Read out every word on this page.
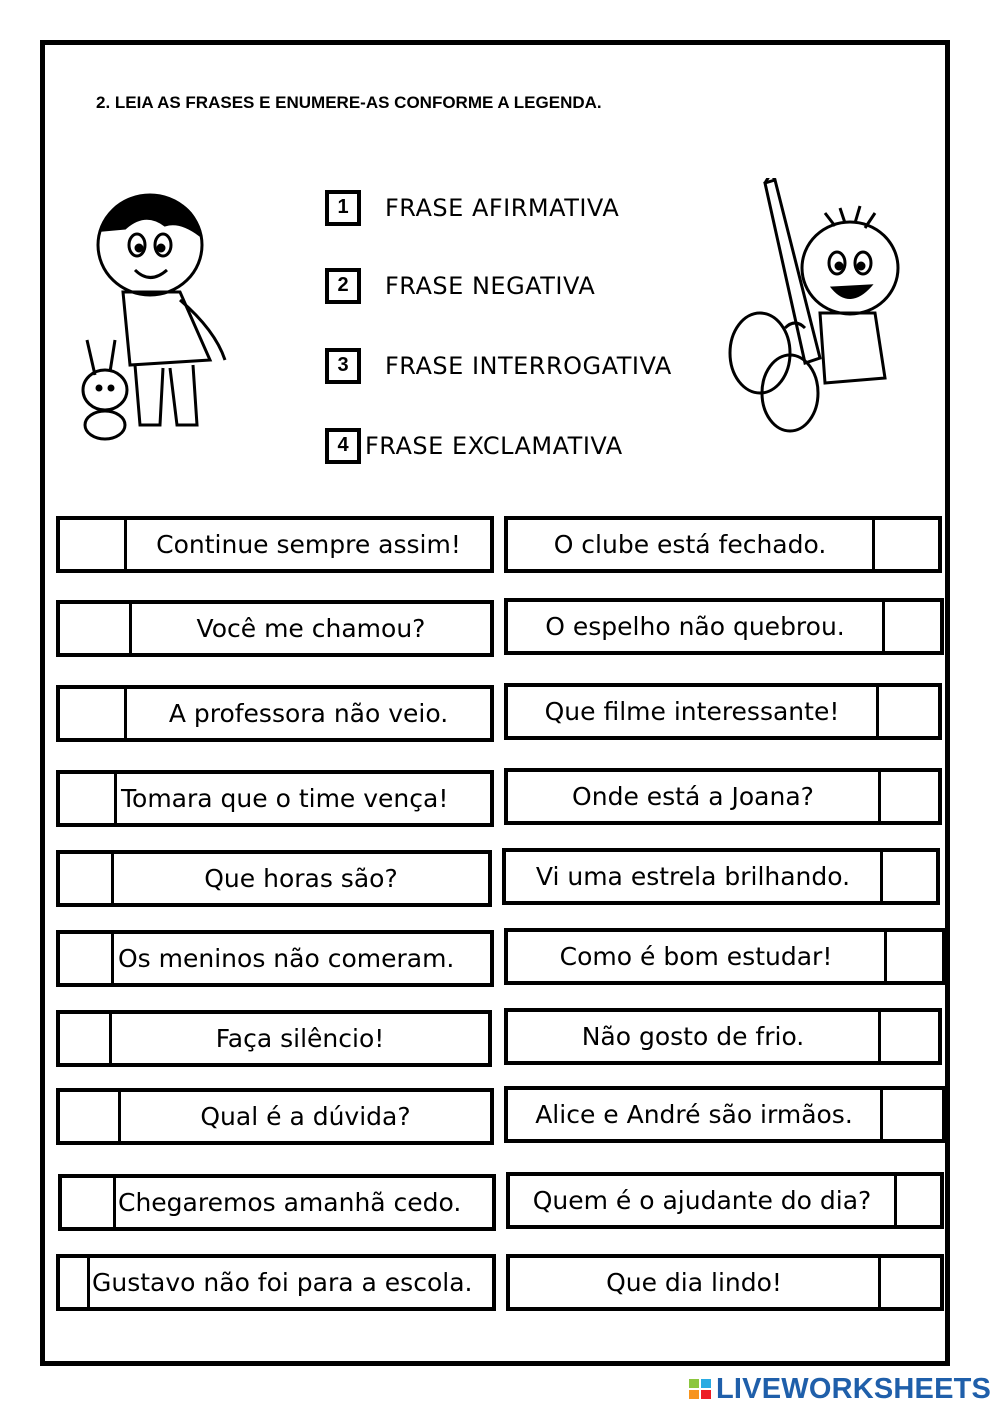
2. LEIA AS FRASES E ENUMERE-AS CONFORME A LEGENDA.
1	FRASE AFIRMATIVA
2	FRASE NEGATIVA
3	FRASE INTERROGATIVA
4 FRASE EXCLAMATIVA
Continue sempre assim!
Você me chamou?
A professora não veio.
Tomara que o time vença!
Que horas são?
Os meninos não comeram.
Faça silêncio!
Qual é a dúvida?
Chegaremos amanhã cedo.
Gustavo não foi para a escola.
O clube está fechado.
O espelho não quebrou.
Que filme interessante!
Onde está a Joana?
Vi uma estrela brilhando.
Como é bom estudar!
Não gosto de frio.
Alice e André são irmãos.
Quem é o ajudante do dia?
Que dia lindo!
LIVEWORKSHEETS
